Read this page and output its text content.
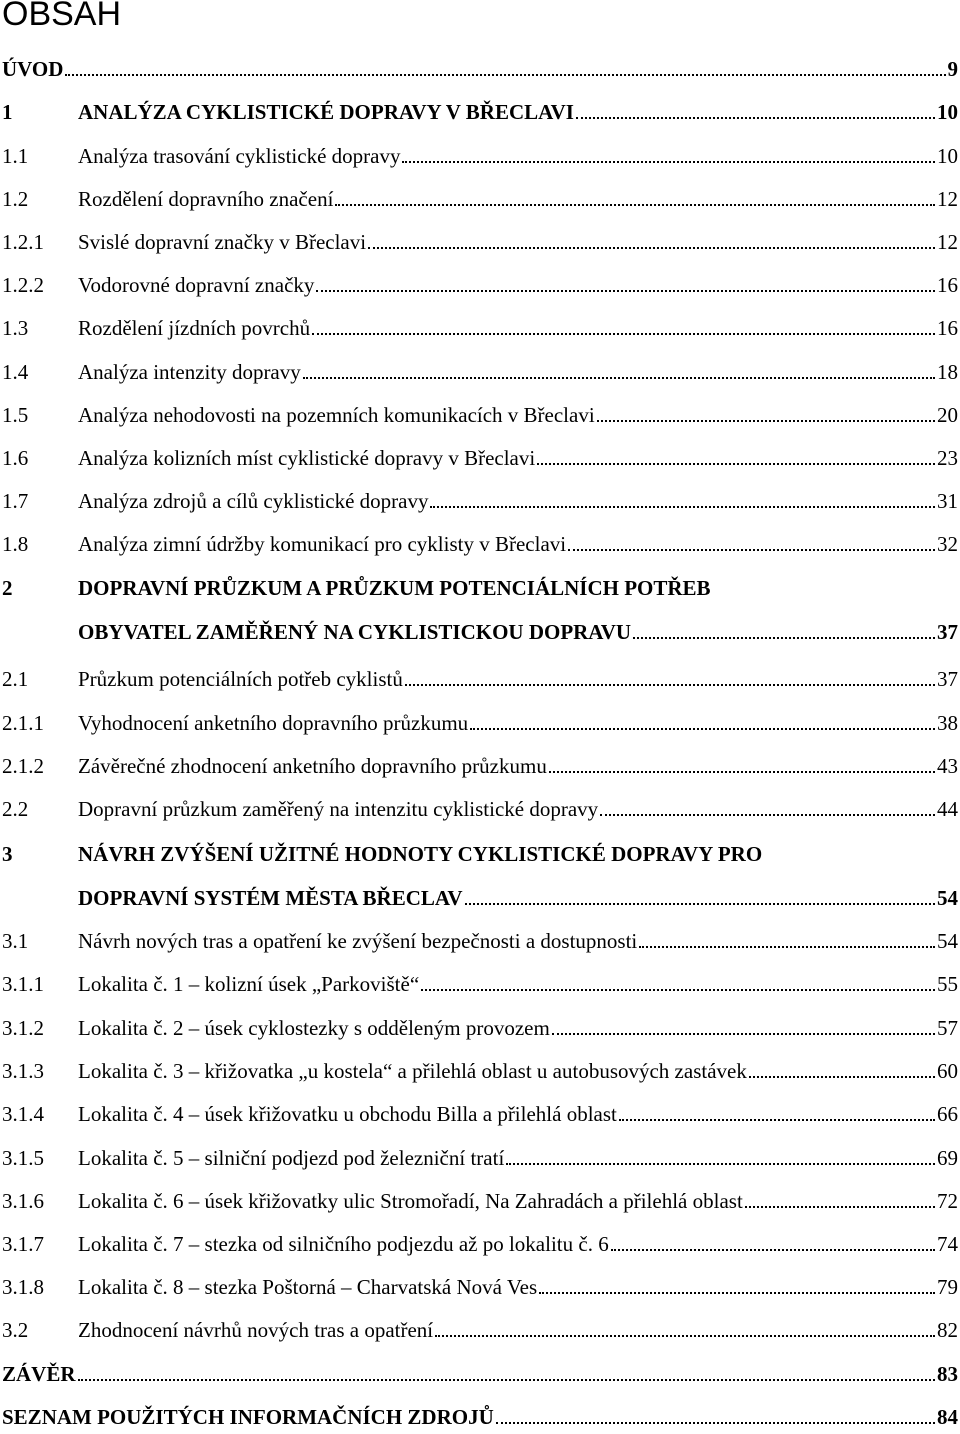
OBSAH
ÚVOD	9
1	ANALÝZA CYKLISTICKÉ DOPRAVY V BŘECLAVI	10
1.1 Analýza trasování cyklistické dopravy	10
1.2 Rozdělení dopravního značení	12
1.2.1 Svislé dopravní značky v Břeclavi	12
1.2.2 Vodorovné dopravní značky	16
1.3 Rozdělení jízdních povrchů	16
1.4 Analýza intenzity dopravy	18
1.5 Analýza nehodovosti na pozemních komunikacích v Břeclavi	20
1.6 Analýza kolizních míst cyklistické dopravy v Břeclavi	23
1.7 Analýza zdrojů a cílů cyklistické dopravy	31
1.8 Analýza zimní údržby komunikací pro cyklisty v Břeclavi	32
2	DOPRAVNÍ PRŮZKUM A PRŮZKUM POTENCIÁLNÍCH POTŘEB
OBYVATEL ZAMĚŘENÝ NA CYKLISTICKOU DOPRAVU	37
2.1 Průzkum potenciálních potřeb cyklistů	37
2.1.1 Vyhodnocení anketního dopravního průzkumu	38
2.1.2 Závěrečné zhodnocení anketního dopravního průzkumu	43
2.2 Dopravní průzkum zaměřený na intenzitu cyklistické dopravy	44
3	NÁVRH ZVÝŠENÍ UŽITNÉ HODNOTY CYKLISTICKÉ DOPRAVY PRO
DOPRAVNÍ SYSTÉM MĚSTA BŘECLAV	54
3.1 Návrh nových tras a opatření ke zvýšení bezpečnosti a dostupnosti	54
3.1.1 Lokalita č. 1 – kolizní úsek „Parkoviště“	55
3.1.2 Lokalita č. 2 – úsek cyklostezky s odděleným provozem	57
3.1.3 Lokalita č. 3 – křižovatka „u kostela“ a přilehlá oblast u autobusových zastávek	60
3.1.4 Lokalita č. 4 – úsek křižovatku u obchodu Billa a přilehlá oblast	66
3.1.5 Lokalita č. 5 – silniční podjezd pod železniční tratí	69
3.1.6 Lokalita č. 6 – úsek křižovatky ulic Stromořadí, Na Zahradách a přilehlá oblast	72
3.1.7 Lokalita č. 7 – stezka od silničního podjezdu až po lokalitu č. 6	74
3.1.8 Lokalita č. 8 – stezka Poštorná – Charvatská Nová Ves	79
3.2 Zhodnocení návrhů nových tras a opatření	82
ZÁVĚR	83
SEZNAM POUŽITÝCH INFORMAČNÍCH ZDROJŮ	84
